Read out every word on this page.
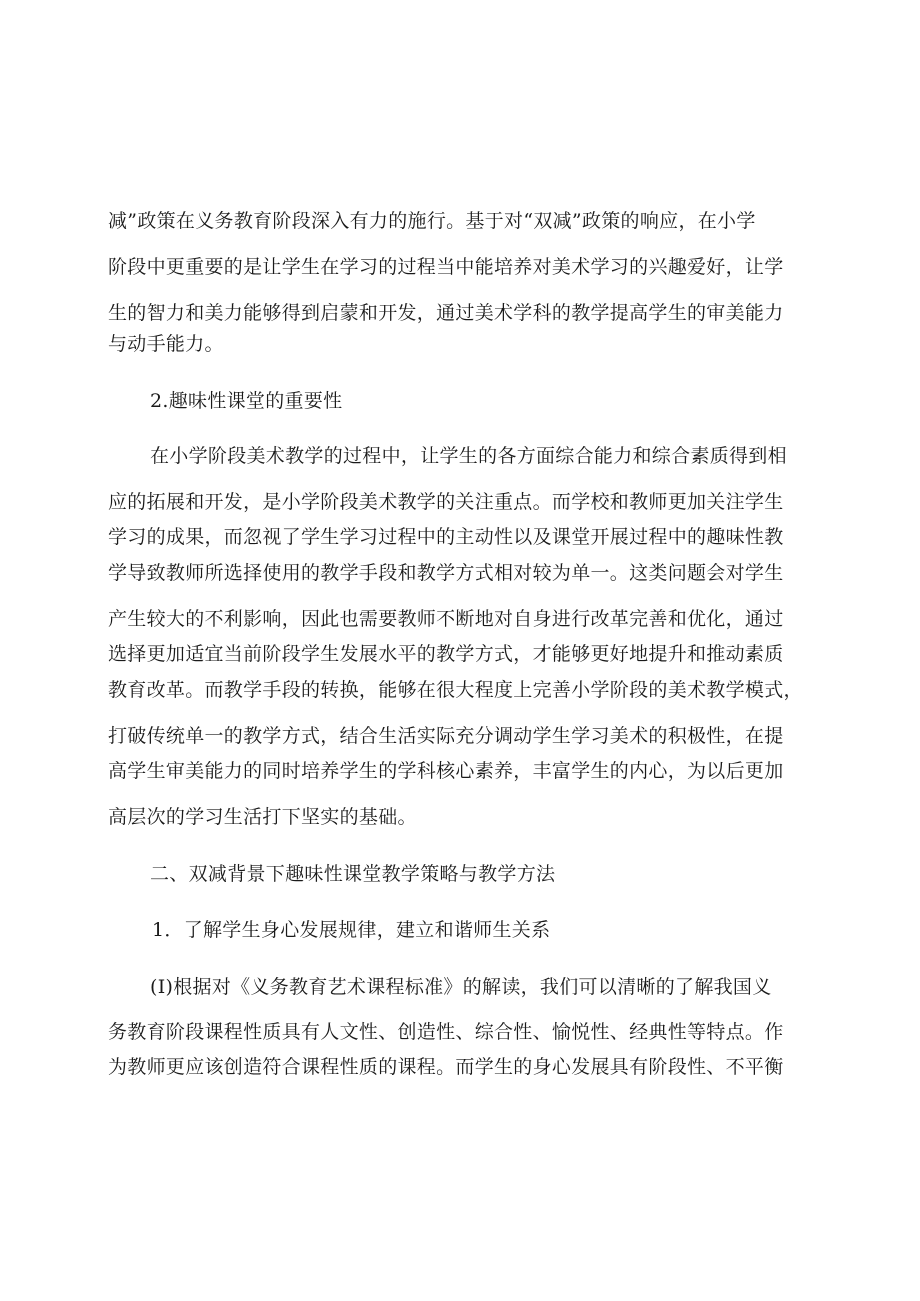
减”政策在义务教育阶段深入有力的施行。基于对“双减”政策的响应，在小学
阶段中更重要的是让学生在学习的过程当中能培养对美术学习的兴趣爱好，让学
生的智力和美力能够得到启蒙和开发，通过美术学科的教学提高学生的审美能力
与动手能力。
2.趣味性课堂的重要性
在小学阶段美术教学的过程中，让学生的各方面综合能力和综合素质得到相
应的拓展和开发，是小学阶段美术教学的关注重点。而学校和教师更加关注学生
学习的成果，而忽视了学生学习过程中的主动性以及课堂开展过程中的趣味性教
学导致教师所选择使用的教学手段和教学方式相对较为单一。这类问题会对学生
产生较大的不利影响，因此也需要教师不断地对自身进行改革完善和优化，通过
选择更加适宜当前阶段学生发展水平的教学方式，才能够更好地提升和推动素质
教育改革。而教学手段的转换，能够在很大程度上完善小学阶段的美术教学模式，
打破传统单一的教学方式，结合生活实际充分调动学生学习美术的积极性，在提
高学生审美能力的同时培养学生的学科核心素养，丰富学生的内心，为以后更加
高层次的学习生活打下坚实的基础。
二、双减背景下趣味性课堂教学策略与教学方法
1．了解学生身心发展规律，建立和谐师生关系
(I)根据对《义务教育艺术课程标准》的解读，我们可以清晰的了解我国义
务教育阶段课程性质具有人文性、创造性、综合性、愉悦性、经典性等特点。作
为教师更应该创造符合课程性质的课程。而学生的身心发展具有阶段性、不平衡
